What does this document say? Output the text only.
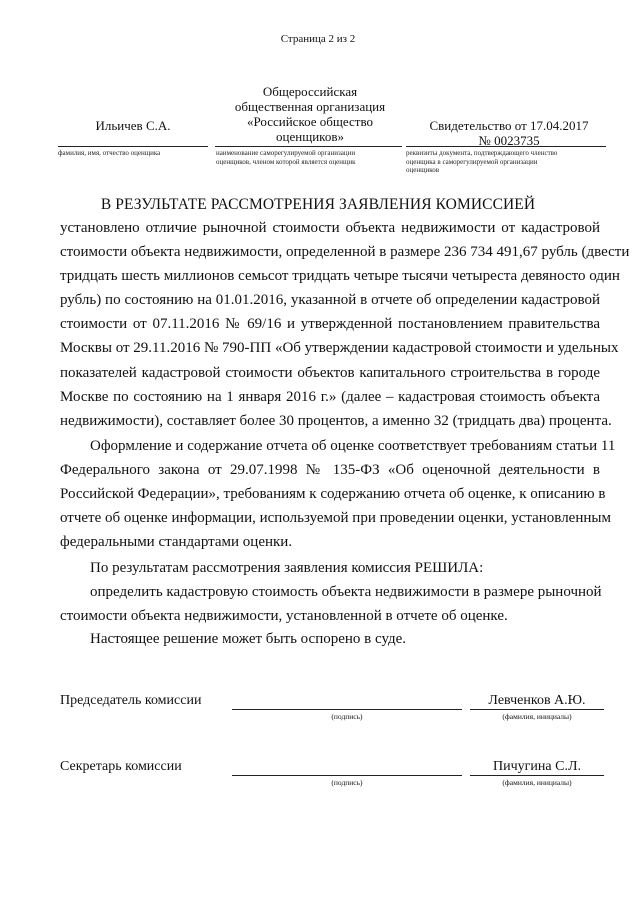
Страница 2 из 2
Ильичев С.А.
фамилия, имя, отчество оценщика
Общероссийская
общественная организация
«Российское общество
оценщиков»
наименование саморегулируемой организации
оценщиков, членом которой является оценщик
Свидетельство от 17.04.2017
№ 0023735
реквизиты документа, подтверждающего членство
оценщика в саморегулируемой организации
оценщиков
В РЕЗУЛЬТАТЕ РАССМОТРЕНИЯ ЗАЯВЛЕНИЯ КОМИССИЕЙ
установлено отличие рыночной стоимости объекта недвижимости от кадастровой
стоимости объекта недвижимости, определенной в размере 236 734 491,67 рубль (двести
тридцать шесть миллионов семьсот тридцать четыре тысячи четыреста девяносто один
рубль) по состоянию на 01.01.2016, указанной в отчете об определении кадастровой
стоимости от 07.11.2016 № 69/16 и утвержденной постановлением правительства
Москвы от 29.11.2016 № 790-ПП «Об утверждении кадастровой стоимости и удельных
показателей кадастровой стоимости объектов капитального строительства в городе
Москве по состоянию на 1 января 2016 г.» (далее – кадастровая стоимость объекта
недвижимости), составляет более 30 процентов, а именно 32 (тридцать два) процента.
Оформление и содержание отчета об оценке соответствует требованиям статьи 11
Федерального закона от 29.07.1998 № 135-ФЗ «Об оценочной деятельности в
Российской Федерации», требованиям к содержанию отчета об оценке, к описанию в
отчете об оценке информации, используемой при проведении оценки, установленным
федеральными стандартами оценки.
По результатам рассмотрения заявления комиссия РЕШИЛА:
определить кадастровую стоимость объекта недвижимости в размере рыночной
стоимости объекта недвижимости, установленной в отчете об оценке.
Настоящее решение может быть оспорено в суде.
Председатель комиссии
(подпись)
Левченков А.Ю.
(фамилия, инициалы)
Секретарь комиссии
(подпись)
Пичугина С.Л.
(фамилия, инициалы)
